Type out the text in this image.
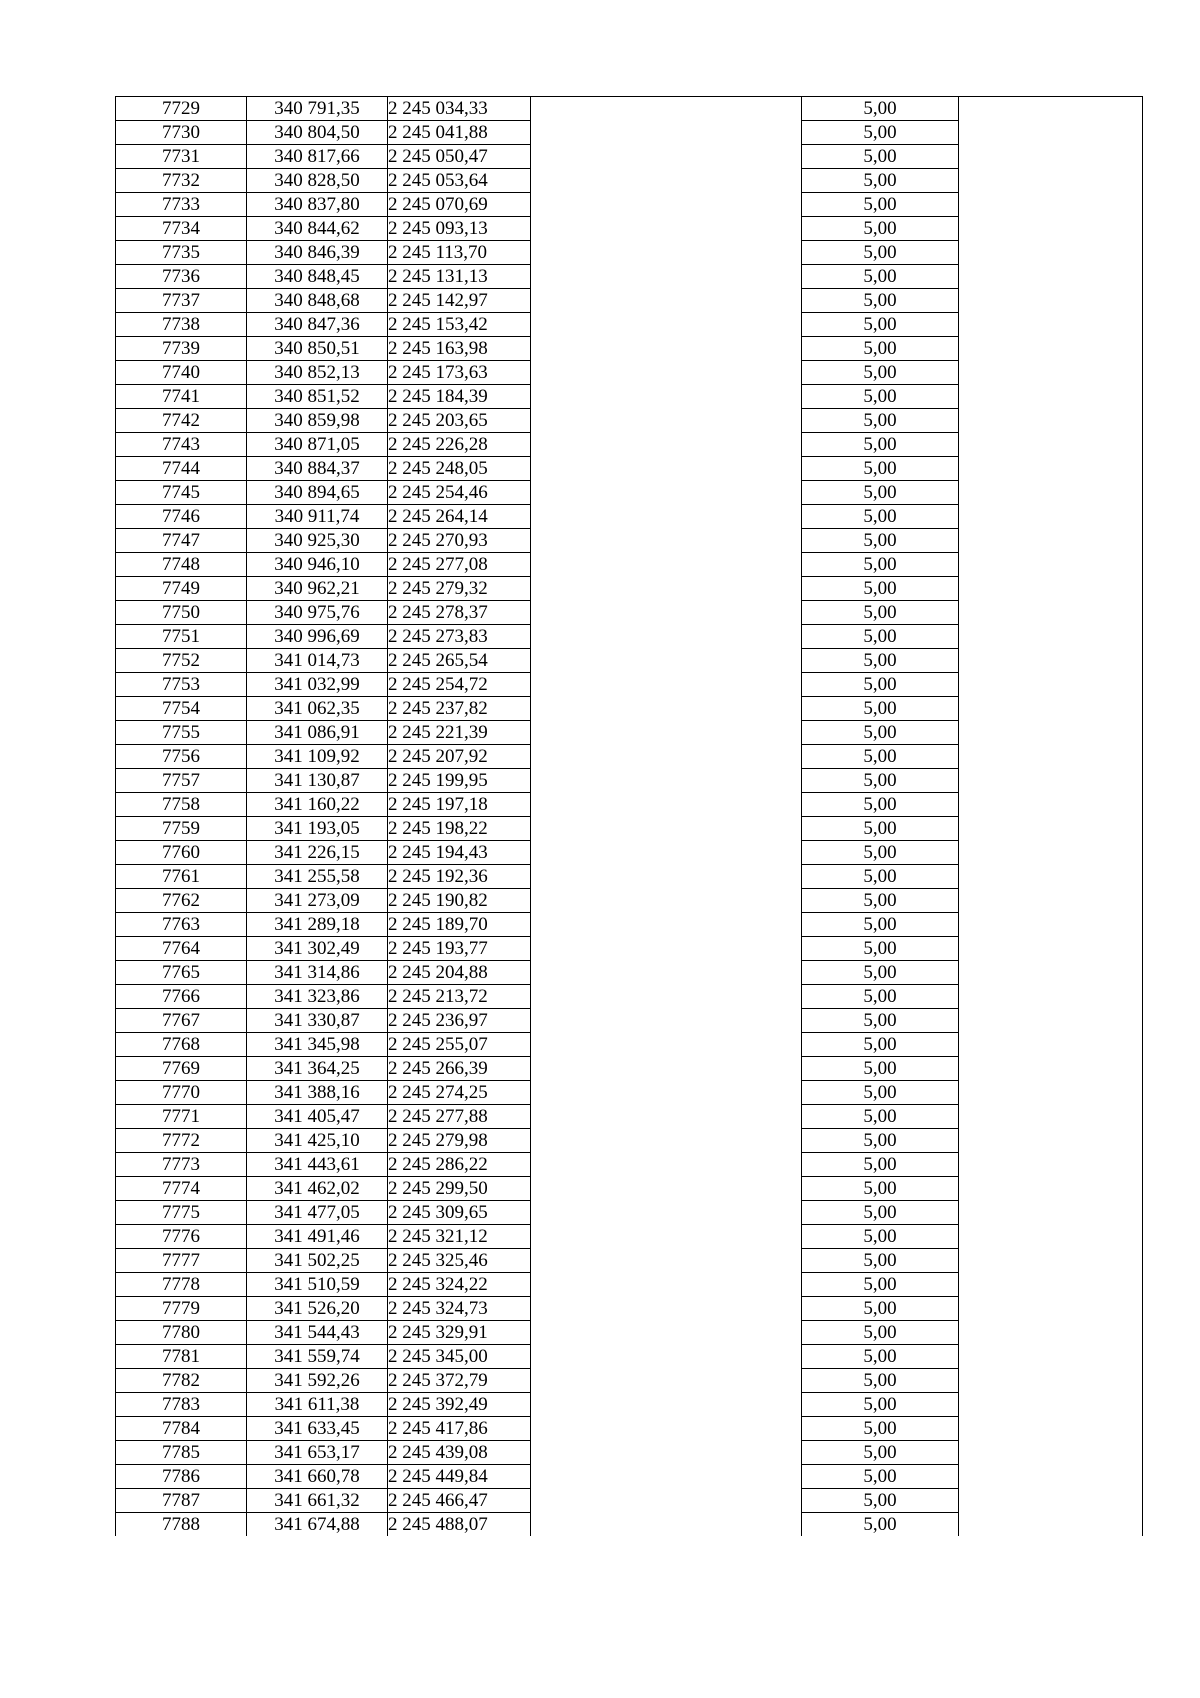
7729	340 791,35	2 245 034,33		5,00	
7730	340 804,50	2 245 041,88		5,00	
7731	340 817,66	2 245 050,47		5,00	
7732	340 828,50	2 245 053,64		5,00	
7733	340 837,80	2 245 070,69		5,00	
7734	340 844,62	2 245 093,13		5,00	
7735	340 846,39	2 245 113,70		5,00	
7736	340 848,45	2 245 131,13		5,00	
7737	340 848,68	2 245 142,97		5,00	
7738	340 847,36	2 245 153,42		5,00	
7739	340 850,51	2 245 163,98		5,00	
7740	340 852,13	2 245 173,63		5,00	
7741	340 851,52	2 245 184,39		5,00	
7742	340 859,98	2 245 203,65		5,00	
7743	340 871,05	2 245 226,28		5,00	
7744	340 884,37	2 245 248,05		5,00	
7745	340 894,65	2 245 254,46		5,00	
7746	340 911,74	2 245 264,14		5,00	
7747	340 925,30	2 245 270,93		5,00	
7748	340 946,10	2 245 277,08		5,00	
7749	340 962,21	2 245 279,32		5,00	
7750	340 975,76	2 245 278,37		5,00	
7751	340 996,69	2 245 273,83		5,00	
7752	341 014,73	2 245 265,54		5,00	
7753	341 032,99	2 245 254,72		5,00	
7754	341 062,35	2 245 237,82		5,00	
7755	341 086,91	2 245 221,39		5,00	
7756	341 109,92	2 245 207,92		5,00	
7757	341 130,87	2 245 199,95		5,00	
7758	341 160,22	2 245 197,18		5,00	
7759	341 193,05	2 245 198,22		5,00	
7760	341 226,15	2 245 194,43		5,00	
7761	341 255,58	2 245 192,36		5,00	
7762	341 273,09	2 245 190,82		5,00	
7763	341 289,18	2 245 189,70		5,00	
7764	341 302,49	2 245 193,77		5,00	
7765	341 314,86	2 245 204,88		5,00	
7766	341 323,86	2 245 213,72		5,00	
7767	341 330,87	2 245 236,97		5,00	
7768	341 345,98	2 245 255,07		5,00	
7769	341 364,25	2 245 266,39		5,00	
7770	341 388,16	2 245 274,25		5,00	
7771	341 405,47	2 245 277,88		5,00	
7772	341 425,10	2 245 279,98		5,00	
7773	341 443,61	2 245 286,22		5,00	
7774	341 462,02	2 245 299,50		5,00	
7775	341 477,05	2 245 309,65		5,00	
7776	341 491,46	2 245 321,12		5,00	
7777	341 502,25	2 245 325,46		5,00	
7778	341 510,59	2 245 324,22		5,00	
7779	341 526,20	2 245 324,73		5,00	
7780	341 544,43	2 245 329,91		5,00	
7781	341 559,74	2 245 345,00		5,00	
7782	341 592,26	2 245 372,79		5,00	
7783	341 611,38	2 245 392,49		5,00	
7784	341 633,45	2 245 417,86		5,00	
7785	341 653,17	2 245 439,08		5,00	
7786	341 660,78	2 245 449,84		5,00	
7787	341 661,32	2 245 466,47		5,00	
7788	341 674,88	2 245 488,07		5,00	
